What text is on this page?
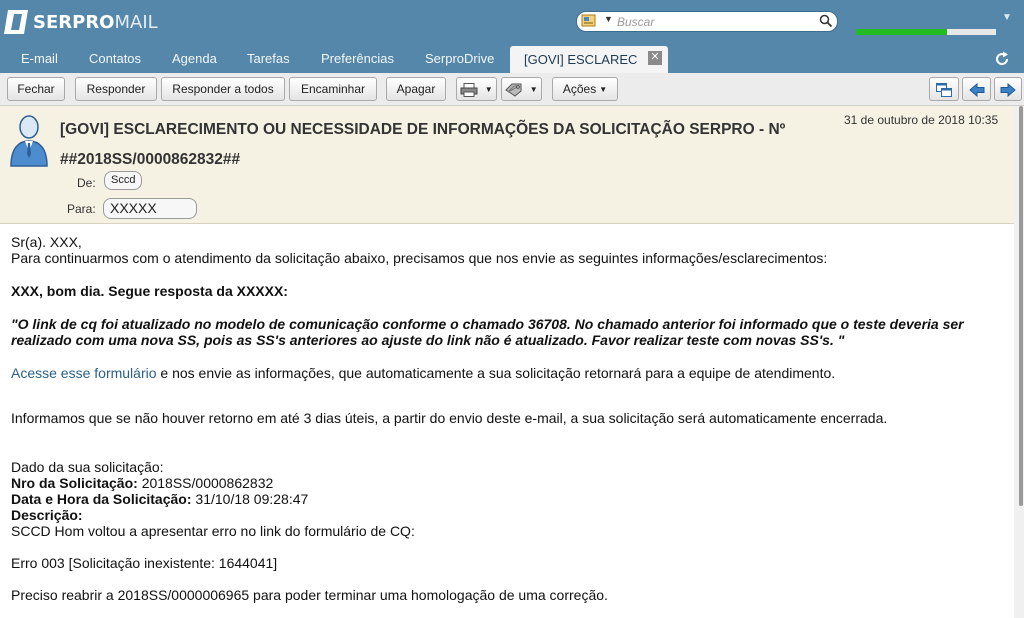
SERPROMAIL	▼
Buscar	▼
E-mail Contatos Agenda Tarefas Preferências SerproDrive	[GOVI] ESCLAREC ✕
Fechar	Responder	Responder a todos	Encaminhar	Apagar	▼	▼	Ações ▼
[GOVI] ESCLARECIMENTO OU NECESSIDADE DE INFORMAÇÕES DA SOLICITAÇÃO SERPRO - Nº ##2018SS/0000862832##
31 de outubro de 2018 10:35
De:	Sccd
Para:	XXXXX

Sr(a). XXX,

Para continuarmos com o atendimento da solicitação abaixo, precisamos que nos envie as seguintes informações/esclarecimentos:

XXX, bom dia. Segue resposta da XXXXX:

"O link de cq foi atualizado no modelo de comunicação conforme o chamado 36708. No chamado anterior foi informado que o teste deveria ser realizado com uma nova SS, pois as SS's anteriores ao ajuste do link não é atualizado. Favor realizar teste com novas SS's. "

Acesse esse formulário e nos envie as informações, que automaticamente a sua solicitação retornará para a equipe de atendimento.

Informamos que se não houver retorno em até 3 dias úteis, a partir do envio deste e-mail, a sua solicitação será automaticamente encerrada.

Dado da sua solicitação:

Nro da Solicitação: 2018SS/0000862832

Data e Hora da Solicitação: 31/10/18 09:28:47

Descrição:

SCCD Hom voltou a apresentar erro no link do formulário de CQ:

Erro 003 [Solicitação inexistente: 1644041]

Preciso reabrir a 2018SS/0000006965 para poder terminar uma homologação de uma correção.
